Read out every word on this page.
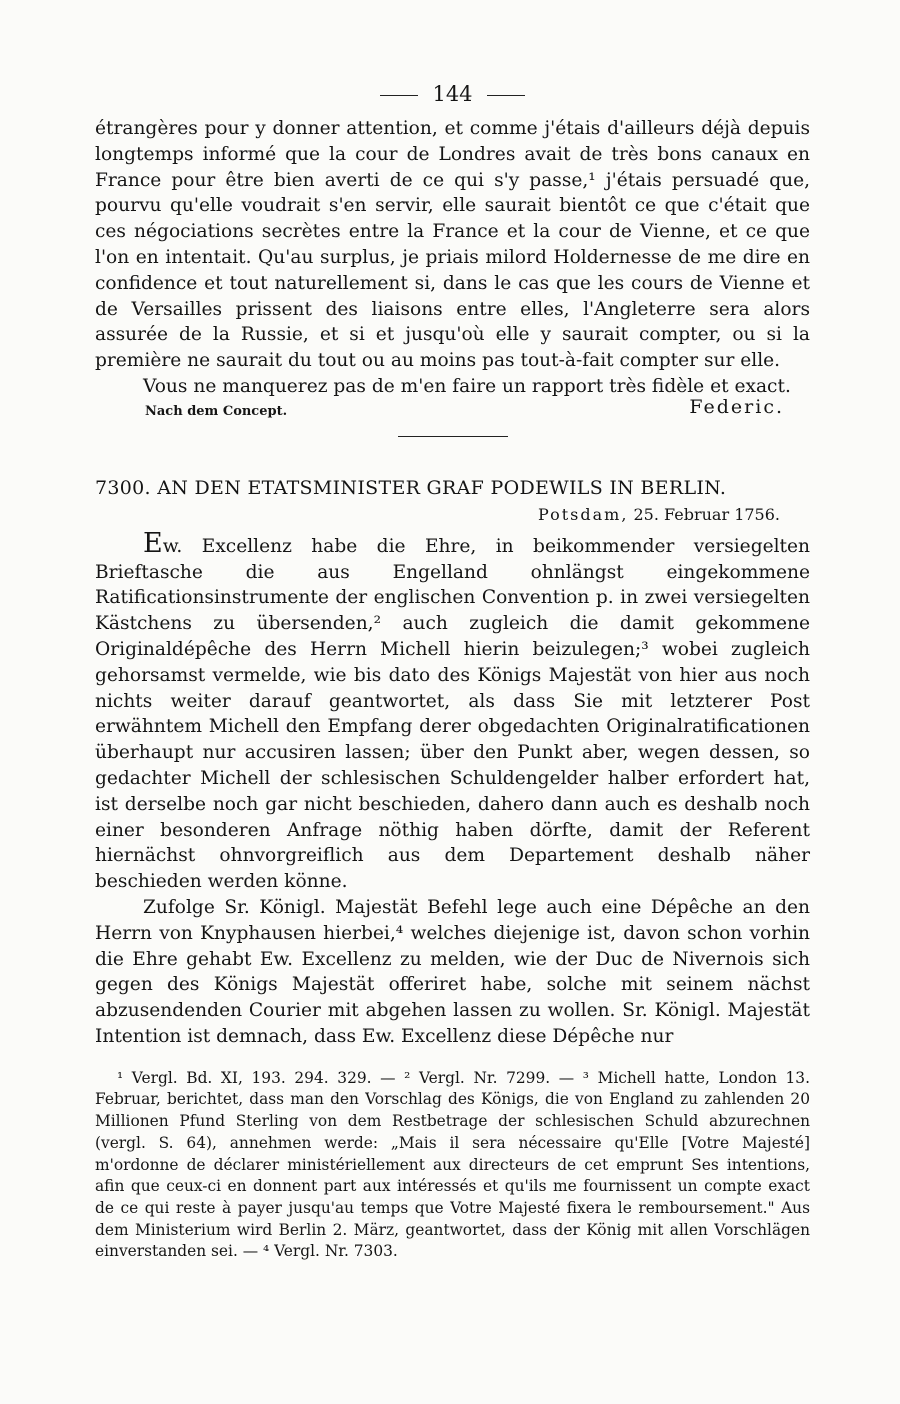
144

étrangères pour y donner attention, et comme j'étais d'ailleurs déjà depuis longtemps informé que la cour de Londres avait de très bons canaux en France pour être bien averti de ce qui s'y passe,¹ j'étais persuadé que, pourvu qu'elle voudrait s'en servir, elle saurait bientôt ce que c'était que ces négociations secrètes entre la France et la cour de Vienne, et ce que l'on en intentait. Qu'au surplus, je priais milord Holdernesse de me dire en confidence et tout naturellement si, dans le cas que les cours de Vienne et de Versailles prissent des liaisons entre elles, l'Angleterre sera alors assurée de la Russie, et si et jusqu'où elle y saurait compter, ou si la première ne saurait du tout ou au moins pas tout-à-fait compter sur elle.

Vous ne manquerez pas de m'en faire un rapport très fidèle et exact.

Nach dem Concept.	Federic.
7300. AN DEN ETATSMINISTER GRAF PODEWILS IN BERLIN.
Potsdam, 25. Februar 1756.

Ew. Excellenz habe die Ehre, in beikommender versiegelten Brieftasche die aus Engelland ohnlängst eingekommene Ratificationsinstrumente der englischen Convention p. in zwei versiegelten Kästchens zu übersenden,² auch zugleich die damit gekommene Originaldépêche des Herrn Michell hierin beizulegen;³ wobei zugleich gehorsamst vermelde, wie bis dato des Königs Majestät von hier aus noch nichts weiter darauf geantwortet, als dass Sie mit letzterer Post erwähntem Michell den Empfang derer obgedachten Originalratificationen überhaupt nur accusiren lassen; über den Punkt aber, wegen dessen, so gedachter Michell der schlesischen Schuldengelder halber erfordert hat, ist derselbe noch gar nicht beschieden, dahero dann auch es deshalb noch einer besonderen Anfrage nöthig haben dörfte, damit der Referent hiernächst ohnvorgreiflich aus dem Departement deshalb näher beschieden werden könne.

Zufolge Sr. Königl. Majestät Befehl lege auch eine Dépêche an den Herrn von Knyphausen hierbei,⁴ welches diejenige ist, davon schon vorhin die Ehre gehabt Ew. Excellenz zu melden, wie der Duc de Nivernois sich gegen des Königs Majestät offeriret habe, solche mit seinem nächst abzusendenden Courier mit abgehen lassen zu wollen. Sr. Königl. Majestät Intention ist demnach, dass Ew. Excellenz diese Dépêche nur

¹ Vergl. Bd. XI, 193. 294. 329. — ² Vergl. Nr. 7299. — ³ Michell hatte, London 13. Februar, berichtet, dass man den Vorschlag des Königs, die von England zu zahlenden 20 Millionen Pfund Sterling von dem Restbetrage der schlesischen Schuld abzurechnen (vergl. S. 64), annehmen werde: „Mais il sera nécessaire qu'Elle [Votre Majesté] m'ordonne de déclarer ministériellement aux directeurs de cet emprunt Ses intentions, afin que ceux-ci en donnent part aux intéressés et qu'ils me fournissent un compte exact de ce qui reste à payer jusqu'au temps que Votre Majesté fixera le remboursement." Aus dem Ministerium wird Berlin 2. März, geantwortet, dass der König mit allen Vorschlägen einverstanden sei. — ⁴ Vergl. Nr. 7303.
